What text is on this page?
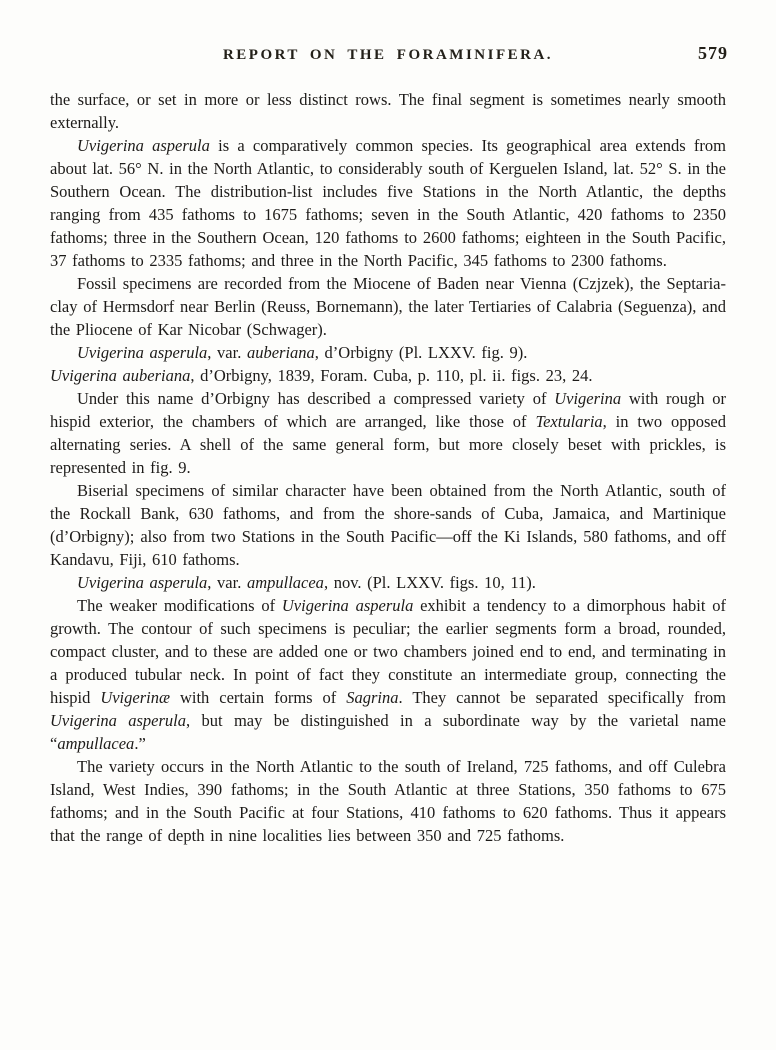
REPORT ON THE FORAMINIFERA.	579

the surface, or set in more or less distinct rows. The final segment is sometimes nearly smooth externally.

Uvigerina asperula is a comparatively common species. Its geographical area extends from about lat. 56° N. in the North Atlantic, to considerably south of Kerguelen Island, lat. 52° S. in the Southern Ocean. The distribution-list includes five Stations in the North Atlantic, the depths ranging from 435 fathoms to 1675 fathoms; seven in the South Atlantic, 420 fathoms to 2350 fathoms; three in the Southern Ocean, 120 fathoms to 2600 fathoms; eighteen in the South Pacific, 37 fathoms to 2335 fathoms; and three in the North Pacific, 345 fathoms to 2300 fathoms.

Fossil specimens are recorded from the Miocene of Baden near Vienna (Czjzek), the Septaria-clay of Hermsdorf near Berlin (Reuss, Bornemann), the later Tertiaries of Calabria (Seguenza), and the Pliocene of Kar Nicobar (Schwager).

Uvigerina asperula, var. auberiana, d’Orbigny (Pl. LXXV. fig. 9).

Uvigerina auberiana, d’Orbigny, 1839, Foram. Cuba, p. 110, pl. ii. figs. 23, 24.

Under this name d’Orbigny has described a compressed variety of Uvigerina with rough or hispid exterior, the chambers of which are arranged, like those of Textularia, in two opposed alternating series. A shell of the same general form, but more closely beset with prickles, is represented in fig. 9.

Biserial specimens of similar character have been obtained from the North Atlantic, south of the Rockall Bank, 630 fathoms, and from the shore-sands of Cuba, Jamaica, and Martinique (d’Orbigny); also from two Stations in the South Pacific—off the Ki Islands, 580 fathoms, and off Kandavu, Fiji, 610 fathoms.

Uvigerina asperula, var. ampullacea, nov. (Pl. LXXV. figs. 10, 11).

The weaker modifications of Uvigerina asperula exhibit a tendency to a dimorphous habit of growth. The contour of such specimens is peculiar; the earlier segments form a broad, rounded, compact cluster, and to these are added one or two chambers joined end to end, and terminating in a produced tubular neck. In point of fact they constitute an intermediate group, connecting the hispid Uvigerinæ with certain forms of Sagrina. They cannot be separated specifically from Uvigerina asperula, but may be distinguished in a subordinate way by the varietal name “ampullacea.”

The variety occurs in the North Atlantic to the south of Ireland, 725 fathoms, and off Culebra Island, West Indies, 390 fathoms; in the South Atlantic at three Stations, 350 fathoms to 675 fathoms; and in the South Pacific at four Stations, 410 fathoms to 620 fathoms. Thus it appears that the range of depth in nine localities lies between 350 and 725 fathoms.
